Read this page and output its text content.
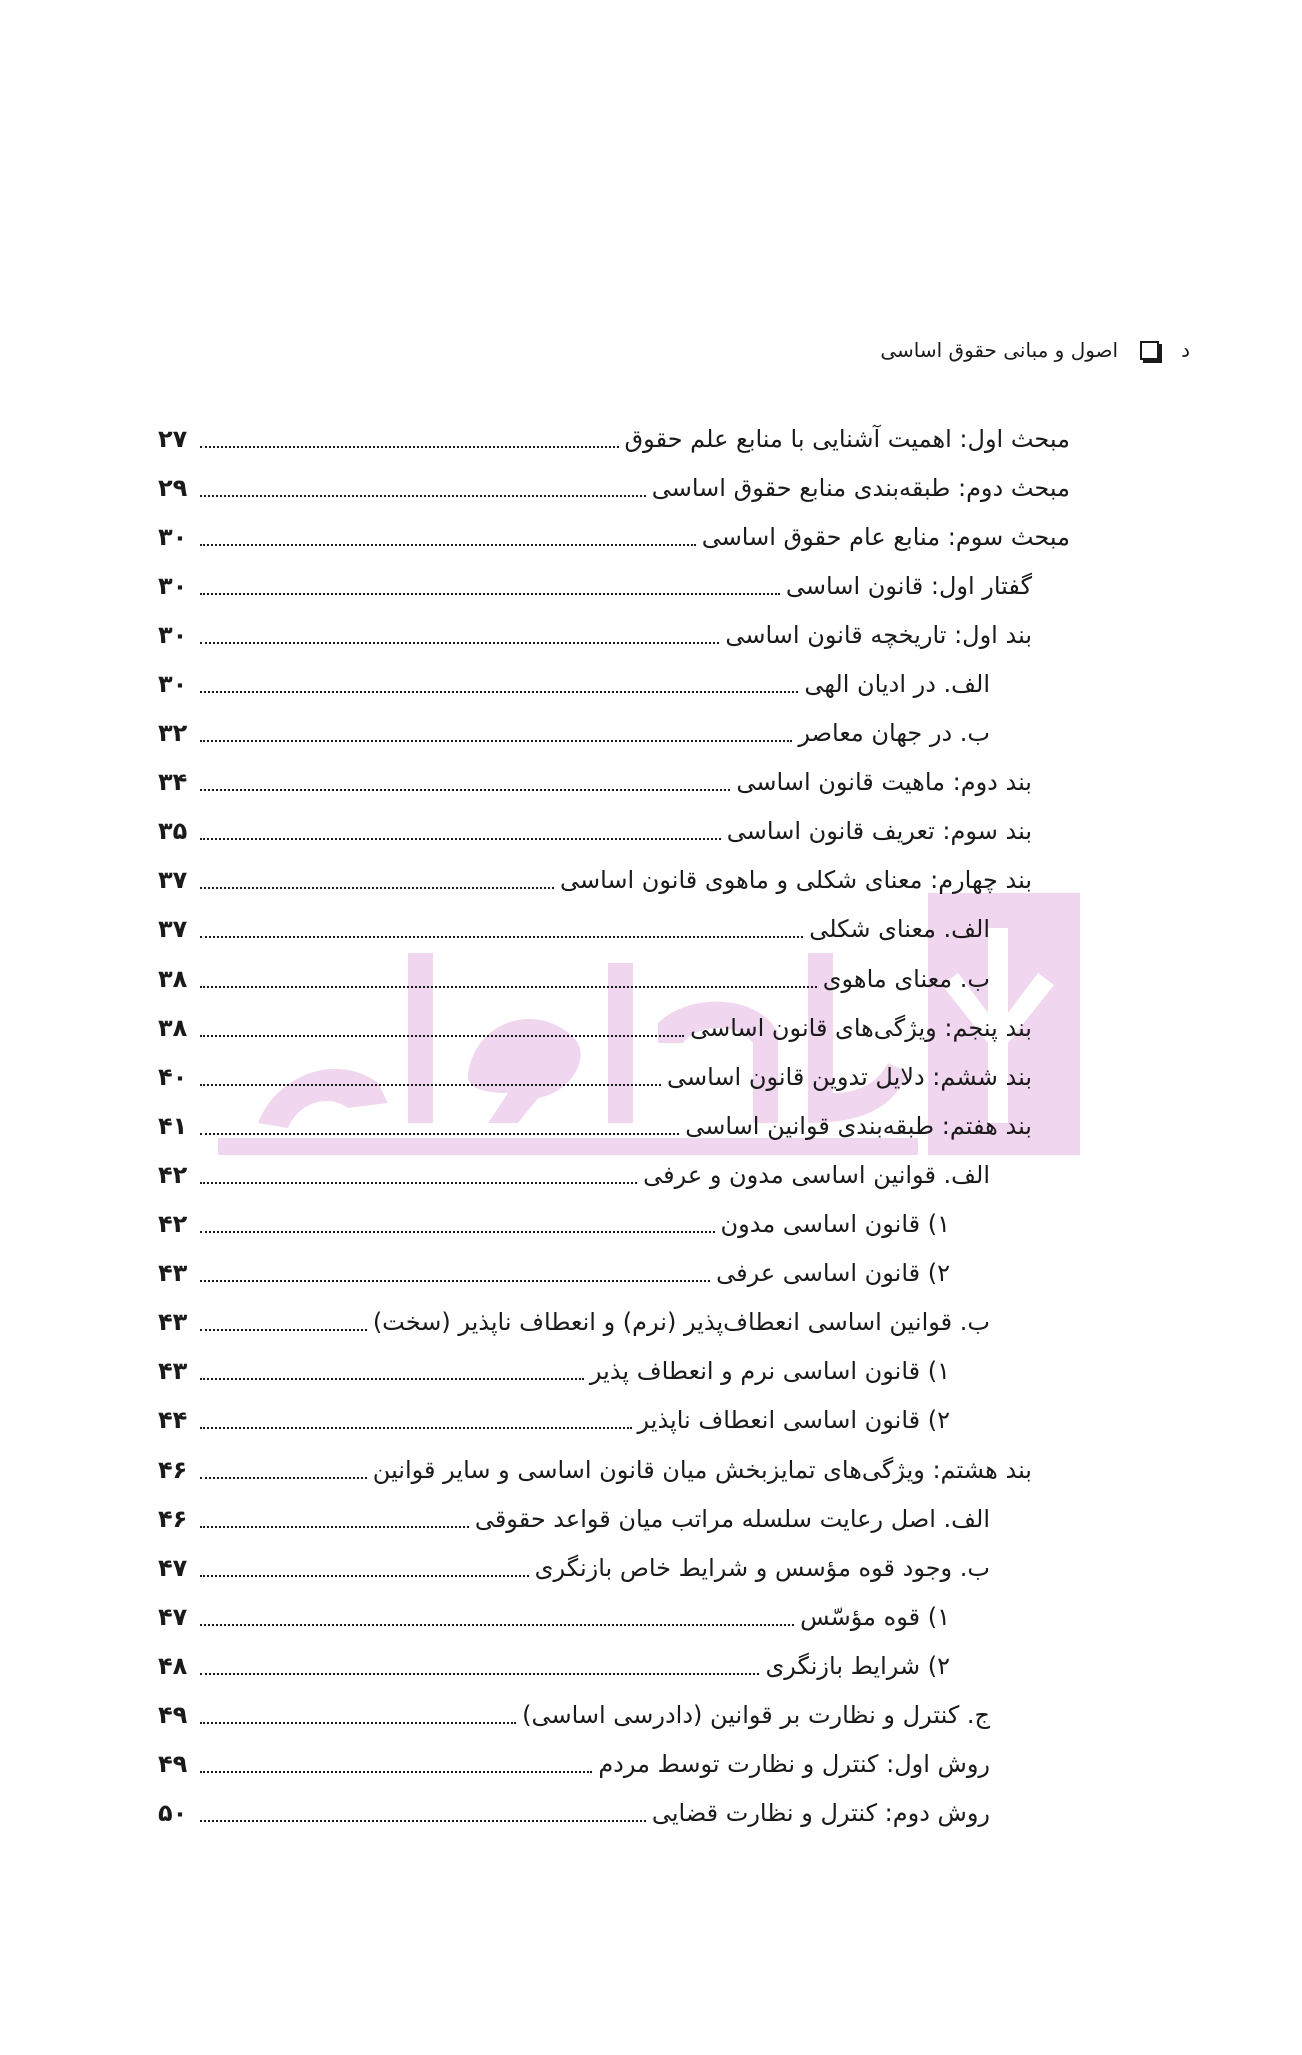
د
اصول و مبانی حقوق اساسی
مبحث اول: اهمیت آشنایی با منابع علم حقوق
۲۷
مبحث دوم: طبقه‌بندی منابع حقوق اساسی
۲۹
مبحث سوم: منابع عام حقوق اساسی
۳۰
گفتار اول: قانون اساسی
۳۰
بند اول: تاریخچه قانون اساسی
۳۰
الف. در ادیان الهی
۳۰
ب. در جهان معاصر
۳۲
بند دوم: ماهیت قانون اساسی
۳۴
بند سوم: تعریف قانون اساسی
۳۵
بند چهارم: معنای شکلی و ماهوی قانون اساسی
۳۷
الف. معنای شکلی
۳۷
ب. معنای ماهوی
۳۸
بند پنجم: ویژگی‌های قانون اساسی
۳۸
بند ششم: دلایل تدوین قانون اساسی
۴۰
بند هفتم: طبقه‌بندی قوانین اساسی
۴۱
الف. قوانین اساسی مدون و عرفی
۴۲
۱) قانون اساسی مدون
۴۲
۲) قانون اساسی عرفی
۴۳
ب. قوانین اساسی انعطاف‌پذیر (نرم) و انعطاف ناپذیر (سخت)
۴۳
۱) قانون اساسی نرم و انعطاف پذیر
۴۳
۲) قانون اساسی انعطاف ناپذیر
۴۴
بند هشتم: ویژگی‌های تمایزبخش میان قانون اساسی و سایر قوانین
۴۶
الف. اصل رعایت سلسله مراتب میان قواعد حقوقی
۴۶
ب. وجود قوه مؤسس و شرایط خاص بازنگری
۴۷
۱) قوه مؤسّس
۴۷
۲) شرایط بازنگری
۴۸
ج. کنترل و نظارت بر قوانین (دادرسی اساسی)
۴۹
روش اول: کنترل و نظارت توسط مردم
۴۹
روش دوم: کنترل و نظارت قضایی
۵۰
